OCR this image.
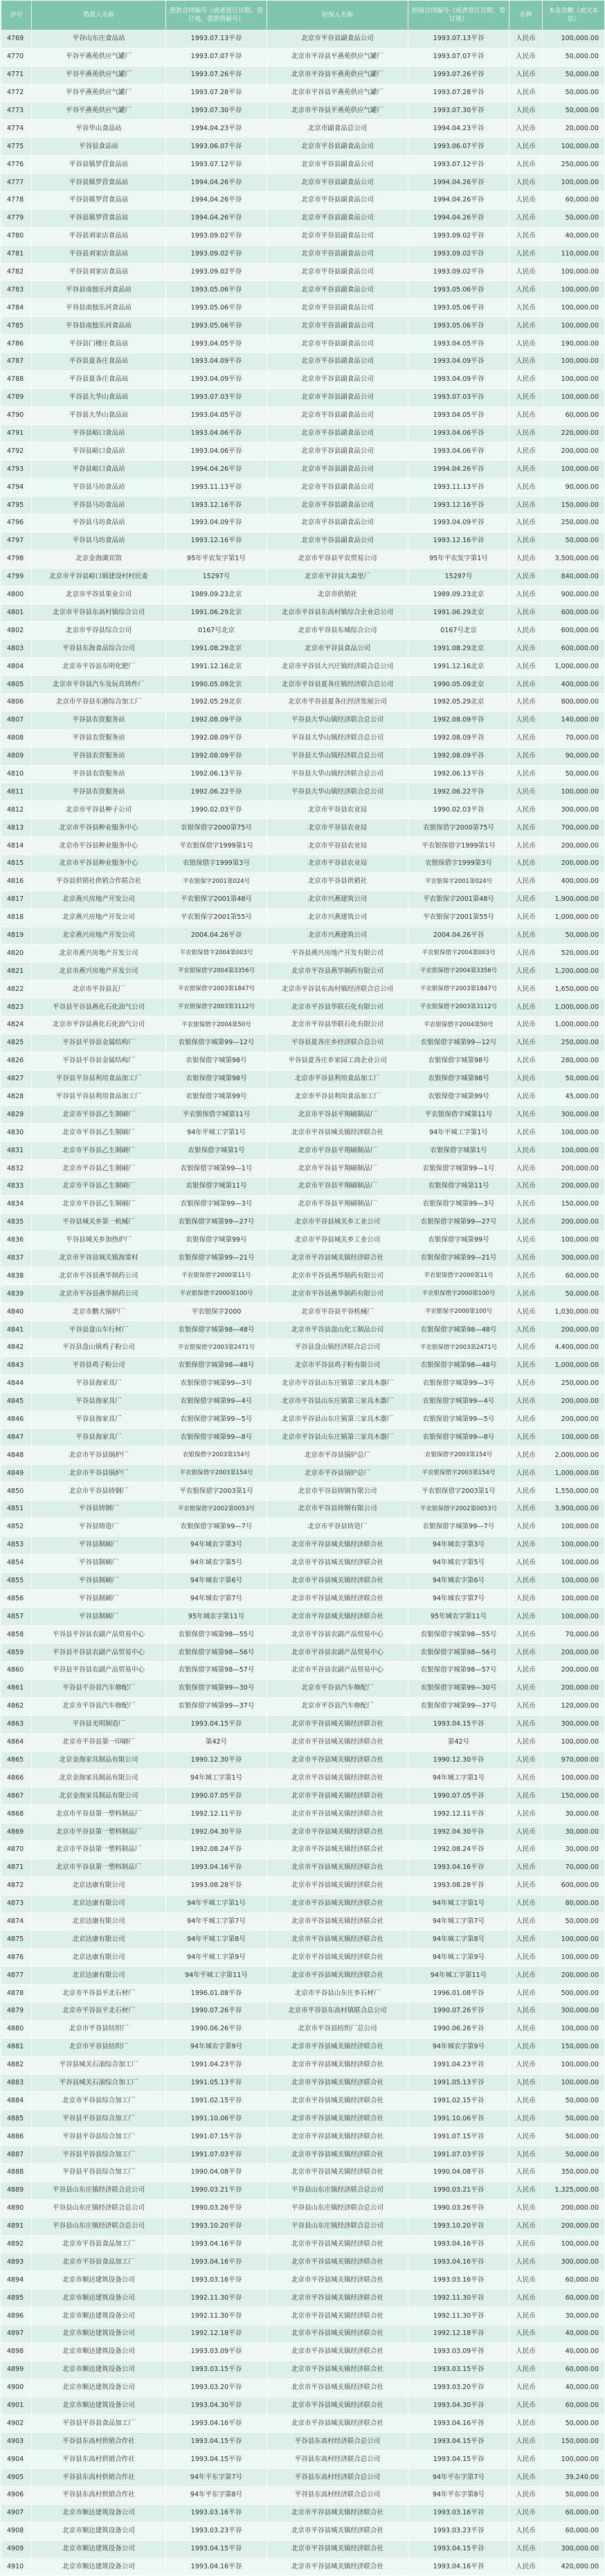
序号	借款人名称	借款合同编号（或者签订日期、签订地、借款借据号）	担保人名称	担保合同编号（或者签订日期、签订地）	币种	本金余额（或欠本息）
4769	平谷山东庄食品站	1993.07.13平谷	北京市平谷县副食品公司	1993.07.13平谷	人民币	100,000.00
4770	平谷平燕苑供应气罐厂	1993.07.07平谷	北京市平谷县平燕苑供应气罐厂	1993.07.07平谷	人民币	50,000.00
4771	平谷平燕苑供应气罐厂	1993.07.26平谷	北京市平谷县平燕苑供应气罐厂	1993.07.26平谷	人民币	50,000.00
4772	平谷平燕苑供应气罐厂	1993.07.28平谷	北京市平谷县平燕苑供应气罐厂	1993.07.28平谷	人民币	50,000.00
4773	平谷平燕苑供应气罐厂	1993.07.30平谷	北京市平谷县平燕苑供应气罐厂	1993.07.30平谷	人民币	50,000.00
4774	平谷华山食品站	1994.04.23平谷	北京市副食品总公司	1994.04.23平谷	人民币	20,000.00
4775	平谷县食品站	1993.06.07平谷	北京市平谷县副食品公司	1993.06.07平谷	人民币	100,000.00
4776	平谷县镇罗营食品站	1993.07.12平谷	北京市平谷县副食品公司	1993.07.12平谷	人民币	250,000.00
4777	平谷县镇罗营食品站	1994.04.26平谷	北京市平谷县副食品公司	1994.04.26平谷	人民币	100,000.00
4778	平谷县镇罗营食品站	1994.04.26平谷	北京市平谷县副食品公司	1994.04.26平谷	人民币	60,000.00
4779	平谷县镇罗营食品站	1994.04.26平谷	北京市平谷县副食品公司	1994.04.26平谷	人民币	50,000.00
4780	平谷县刘家店食品站	1993.09.02平谷	北京市平谷县副食品公司	1993.09.02平谷	人民币	40,000.00
4781	平谷县刘家店食品站	1993.09.02平谷	北京市平谷县副食品公司	1993.09.02平谷	人民币	110,000.00
4782	平谷县刘家店食品站	1993.09.02平谷	北京市平谷县副食品公司	1993.09.02平谷	人民币	100,000.00
4783	平谷县南独乐河食品站	1993.05.06平谷	北京市平谷县副食品公司	1993.05.06平谷	人民币	100,000.00
4784	平谷县南独乐河食品站	1993.05.06平谷	北京市平谷县副食品公司	1993.05.06平谷	人民币	100,000.00
4785	平谷县南独乐河食品站	1993.05.06平谷	北京市平谷县副食品公司	1993.05.06平谷	人民币	100,000.00
4786	平谷县门楼庄食品站	1993.04.05平谷	北京市平谷县副食品公司	1993.04.05平谷	人民币	190,000.00
4787	平谷县夏各庄食品站	1993.04.09平谷	北京市平谷县副食品公司	1993.04.09平谷	人民币	100,000.00
4788	平谷县夏各庄食品站	1993.04.09平谷	北京市平谷县副食品公司	1993.04.09平谷	人民币	100,000.00
4789	平谷县大华山食品站	1993.07.03平谷	北京市平谷县副食品公司	1993.07.03平谷	人民币	100,000.00
4790	平谷县大华山食品站	1993.04.05平谷	北京市平谷县副食品公司	1993.04.05平谷	人民币	60,000.00
4791	平谷县峪口食品站	1993.04.06平谷	北京市平谷县副食品公司	1993.04.06平谷	人民币	220,000.00
4792	平谷县峪口食品站	1993.04.06平谷	北京市平谷县副食品公司	1993.04.06平谷	人民币	200,000.00
4793	平谷县峪口食品站	1994.04.26平谷	北京市平谷县副食品公司	1994.04.26平谷	人民币	100,000.00
4794	平谷县马坊食品站	1993.11.13平谷	北京市平谷县副食品公司	1993.11.13平谷	人民币	90,000.00
4795	平谷县马坊食品站	1993.12.16平谷	北京市平谷县副食品公司	1993.12.16平谷	人民币	150,000.00
4796	平谷县马坊食品站	1993.04.09平谷	北京市平谷县副食品公司	1993.04.09平谷	人民币	250,000.00
4797	平谷县马坊食品站	1993.12.16平谷	北京市平谷县副食品公司	1993.12.16平谷	人民币	50,000.00
4798	北京金海湖宾馆	95年平农发字第1号	北京市平谷县平农贸易公司	95年平农发字第1号	人民币	3,500,000.00
4799	北京市平谷县峪口镇建设村村民委	15297号	北京市平谷县大森里厂	15297号	人民币	840,000.00
4800	北京市平谷县果业公司	1989.09.23北京	北京市供销社	1989.09.23北京	人民币	900,000.00
4801	北京市平谷县东高村镇综合公司	1991.06.29北京	北京市平谷县东高村镇综合企业总公司	1991.06.29北京	人民币	600,000.00
4802	北京市平谷县综合公司	0167号北京	北京市平谷县东城综合公司	0167号北京	人民币	600,000.00
4803	平谷县东海食品综合公司	1991.08.29北京	北京市平谷县食品公司	1991.08.29北京	人民币	600,000.00
4804	北京市平谷县东明化肥厂	1991.12.16北京	北京市平谷县大兴庄镇经济联合总公司	1991.12.16北京	人民币	1,000,000.00
4805	北京市平谷县汽车及玩具铸件厂	1990.05.09北京	北京市平谷县夏各庄镇经济联合总公司	1990.05.09北京	人民币	400,000.00
4806	北京市平谷县东港综合加工厂	1992.05.29北京	北京市平谷县夏各庄经济发展公司	1992.05.29北京	人民币	800,000.00
4807	平谷县农资服务站	1992.08.09平谷	平谷县大华山镇经济联合总公司	1992.08.09平谷	人民币	140,000.00
4808	平谷县农资服务站	1992.08.09平谷	平谷县大华山镇经济联合总公司	1992.08.09平谷	人民币	70,000.00
4809	平谷县农资服务站	1992.08.09平谷	平谷县大华山镇经济联合总公司	1992.08.09平谷	人民币	90,000.00
4810	平谷县农资服务站	1992.06.13平谷	平谷县大华山镇经济联合总公司	1992.06.13平谷	人民币	50,000.00
4811	平谷县农资服务站	1992.06.22平谷	平谷县大华山镇经济联合总公司	1992.06.22平谷	人民币	100,000.00
4812	北京市平谷县种子公司	1990.02.03平谷	北京市平谷县农业局	1990.02.03平谷	人民币	300,000.00
4813	北京市平谷县种业服务中心	农银保借字2000第75号	北京市平谷县农业局	农银保借字2000第75号	人民币	700,000.00
4814	北京市平谷县种业服务中心	平农银保借字1999第1号	北京市平谷县农业局	平农银保借字1999第1号	人民币	200,000.00
4815	北京市平谷县种业服务中心	农银保借字1999第3号	北京市平谷县农业局	农银保借字1999第3号	人民币	200,000.00
4816	平谷县供销社供销合作联合社	平农银保字2001第024号	北京市平谷县供销社	平农银保字2001第024号	人民币	400,000.00
4817	北京燕兴房地产开发公司	平农银保字2001第48号	北京市兴燕建筑公司	平农银保字2001第48号	人民币	1,900,000.00
4818	北京燕兴房地产开发公司	平农银保字2001第55号	北京市兴燕建筑公司	平农银保字2001第55号	人民币	1,000,000.00
4819	北京燕兴房地产开发公司	2004.04.26平谷	北京市兴燕建筑公司	2004.04.26平谷	人民币	50,000.00
4820	北京市燕兴房地产开发公司	平农银保借字2004第003号	平谷县燕兴房地产开发有限公司	平农银保借字2004第003号	人民币	520,000.00
4821	北京市燕兴房地产开发公司	平农银保借字2004第3356号	北京市平谷县燕华制药有限公司	平农银保借字2004第3356号	人民币	1,200,000.00
4822	北京市平谷县瓦厂	平农银保借字2003第1847号	北京市平谷县东高村镇经济联合总公司	平农银保借字2003第1847号	人民币	1,650,000.00
4823	平谷县平谷县燕化石化油气公司	平农银保借字2003第3112号	北京市平谷县华联石化有限公司	平农银保借字2003第3112号	人民币	1,000,000.00
4824	北京市平谷县燕化石化油气公司	平农银保借字2004第50号	北京市平谷县华联石化有限公司	平农银保借字2004第50号	人民币	1,000,000.00
4825	平谷县平谷县金属结构厂	农银保借字城第99—12号	平谷县夏各庄乡经济联合总公司	农银保借字城第99—12号	人民币	250,000.00
4826	平谷县平谷县金属结构厂	农银保借字城第98号	平谷县夏各庄乡家园工商企业公司	农银保借字城第98号	人民币	280,000.00
4827	平谷县平谷县利用食品加工厂	农银保借字城第98号	北京市平谷县利用食品加工厂	农银保借字城第98号	人民币	50,000.00
4828	平谷县平谷县利用食品加工厂	农银保借字城第99号	北京市平谷县利用食品加工厂	农银保借字城第99号	人民币	45,000.00
4829	北京市平谷县乙生制刷厂	平农银保借字城第11号	北京市平谷县平翔刷制品厂	平农银保借字城第11号	人民币	300,000.00
4830	北京市平谷县乙生制刷厂	94年平城工字第1号	北京市平谷县城关镇经济联合社	94年平城工字第1号	人民币	100,000.00
4831	北京市平谷县乙生制刷厂	农银保借字城第1号	北京市平谷县平翔刷制品厂	农银保借字城第1号	人民币	100,000.00
4832	北京市平谷县乙生制刷厂	农银保借字城第99—1号	北京市平谷县平翔刷制品厂	农银保借字城第99—1号	人民币	200,000.00
4833	北京市平谷县乙生制刷厂	农银保借字城第11号	北京市平谷县平翔刷制品厂	农银保借字城第11号	人民币	200,000.00
4834	北京市平谷县乙生制刷厂	农银保借字城第99—3号	北京市平谷县平翔刷制品厂	农银保借字城第99—3号	人民币	150,000.00
4835	平谷县城关乡第一机械厂	农银保借字城第99—27号	北京市平谷县城关乡工业公司	农银保借字城第99—27号	人民币	200,000.00
4836	平谷县城关乡加热炉厂	农银保借字城第99号	北京市平谷县城关乡工业公司	农银保借字城第99号	人民币	100,000.00
4837	北京市平谷县城关镇海棠村	农银保借字城第99—21号	北京市平谷县城关镇经济联合社	农银保借字城第99—21号	人民币	300,000.00
4838	北京市平谷县燕华制药公司	平农银保借字2000第11号	北京市平谷县燕华制药有限公司	平农银保借字2000第11号	人民币	60,000.00
4839	北京市平谷县燕华制药公司	平农银保借字2000第100号	北京市平谷县燕华制药有限公司	平农银保借字2000第100号	人民币	50,000.00
4840	北京市鹏大锅炉厂	平农银保字2000	北京市平谷县平谷机械厂	平农银保字2000第100号	人民币	1,030,000.00
4841	平谷县盘山车行材厂	农银保借字城第98—48号	北京市平谷县盘山化工制品公司	农银保借字城第98—48号	人民币	200,000.00
4842	平谷县盘山镇鸡子粉公司	平农银保借字2003第2471号	平谷县盘山镇经济联合总公司	平农银保借字2003第2471号	人民币	4,400,000.00
4843	平谷县鸡子粉公司	农银保借字城第98—48号	北京市平谷县鸡子粉有限公司	农银保借字城第98—48号	人民币	1,000,000.00
4844	平谷县海家具厂	农银保借字城第99—3号	北京市平谷县山东庄镇第三家具木器厂	农银保借字城第99—3号	人民币	250,000.00
4845	平谷县海家具厂	农银保借字城第99—4号	北京市平谷县山东庄镇第三家具木器厂	农银保借字城第99—4号	人民币	200,000.00
4846	平谷县海家具厂	农银保借字城第99—5号	北京市平谷县山东庄镇第三家具木器厂	农银保借字城第99—5号	人民币	200,000.00
4847	平谷县海家具厂	农银保借字城第99—8号	北京市平谷县山东庄镇第三家具木器厂	农银保借字城第99—8号	人民币	100,000.00
4848	北京市平谷县锅炉厂	农银保借字2003第154号	北京市平谷县锅炉总厂	农银保借字2003第154号	人民币	2,000,000.00
4849	北京市平谷县锅炉厂	平农银保借字2003第154号	北京市平谷县锅炉总厂	平农银保借字2003第154号	人民币	1,000,000.00
4850	北京市平谷县铸钢厂	平农银保借字2003第1号	北京市平谷县铸钢有限公司	平农银保借字2003第1号	人民币	1,550,000.00
4851	平谷县铸钢厂	平农银保借字2002第0053号	北京市平谷县铸钢有限公司	平农银保借字2002第0053号	人民币	3,900,000.00
4852	平谷县铸造厂	农银保借字城第99—7号	北京市平谷县铸造厂	农银保借字城第99—7号	人民币	100,000.00
4853	平谷县制刷厂	94年城农字第3号	北京市平谷县城关镇经济联合社	94年城农字第3号	人民币	100,000.00
4854	平谷县制刷厂	94年城农字第5号	北京市平谷县城关镇经济联合社	94年城农字第5号	人民币	100,000.00
4855	平谷县制刷厂	94年城农字第6号	北京市平谷县城关镇经济联合社	94年城农字第6号	人民币	100,000.00
4856	平谷县制刷厂	94年城农字第7号	北京市平谷县城关镇经济联合社	94年城农字第7号	人民币	100,000.00
4857	平谷县制刷厂	95年城农字第11号	北京市平谷县城关镇经济联合社	95年城农字第11号	人民币	100,000.00
4858	平谷县平谷县农副产品贸易中心	农银保借字城第98—55号	北京市平谷县农副产品贸易中心	农银保借字城第98—55号	人民币	70,000.00
4859	平谷县平谷县农副产品贸易中心	农银保借字城第98—56号	北京市平谷县农副产品贸易中心	农银保借字城第98—56号	人民币	200,000.00
4860	平谷县平谷县农副产品贸易中心	农银保借字城第98—57号	北京市平谷县农副产品贸易中心	农银保借字城第98—57号	人民币	200,000.00
4861	平谷县平谷县汽车修配厂	农银保借字城第99—30号	北京市平谷县汽车修配厂	农银保借字城第99—30号	人民币	200,000.00
4862	北京市平谷县汽车修配厂	农银保借字城第99—37号	北京市平谷县汽车修配厂	农银保借字城第99—37号	人民币	120,000.00
4863	平谷县光明制造厂	1993.04.15平谷	北京市平谷县城关镇经济联合社	1993.04.15平谷	人民币	300,000.00
4864	北京市平谷县第一印刷厂	第42号	北京市平谷县城关镇经济联合社	第42号	人民币	100,000.00
4865	北京金海家具制品有限公司	1990.12.30平谷	北京市平谷县城关镇经济联合社	1990.12.30平谷	人民币	970,000.00
4866	北京金海家具制品有限公司	94年城工字第1号	北京市平谷县城关镇经济联合社	94年城工字第1号	人民币	100,000.00
4867	北京金海家具制品有限公司	1990.07.05平谷	北京市平谷县城关镇经济联合社	1990.07.05平谷	人民币	150,000.00
4868	北京市平谷县第一塑料制品厂	1992.12.11平谷	北京市平谷县城关镇经济联合社	1992.12.11平谷	人民币	30,000.00
4869	北京市平谷县第一塑料制品厂	1992.04.30平谷	北京市平谷县城关镇经济联合社	1992.04.30平谷	人民币	30,000.00
4870	北京市平谷县第一塑料制品厂	1992.08.24平谷	北京市平谷县城关镇经济联合社	1992.08.24平谷	人民币	30,000.00
4871	北京市平谷县第一塑料制品厂	1993.04.16平谷	北京市平谷县城关镇经济联合社	1993.04.16平谷	人民币	70,000.00
4872	北京达康有限公司	1993.08.28平谷	北京市平谷县城关镇经济联合社	1993.08.28平谷	人民币	600,000.00
4873	北京达康有限公司	94年平城工字第1号	北京市平谷县城关镇经济联合社	94年城工字第1号	人民币	80,000.00
4874	北京达康有限公司	94年平城工字第7号	北京市平谷县城关镇经济联合社	94年城工字第7号	人民币	50,000.00
4875	北京达康有限公司	94年平城工字第8号	北京市平谷县城关镇经济联合社	94年城工字第8号	人民币	100,000.00
4876	北京达康有限公司	94年平城工字第9号	北京市平谷县城关镇经济联合社	94年城工字第9号	人民币	100,000.00
4877	北京达康有限公司	94年平城工字第11号	北京市平谷县城关镇经济联合社	94年城工字第11号	人民币	200,000.00
4878	北京市平谷县平北石材厂	1996.01.08平谷	北京市平谷县山东庄乡石材厂	1996.01.08平谷	人民币	500,000.00
4879	北京市平谷县平北石材厂	1990.07.26平谷	北京市平谷县东高村镇联合总公司	1990.07.26平谷	人民币	300,000.00
4880	北京市平谷县纺织厂	1990.06.26平谷	北京市平谷县纺织厂总公司	1990.06.26平谷	人民币	100,000.00
4881	北京市平谷县纺织厂	94年城农字第9号	北京市平谷县城关镇经济联合社	94年城农字第9号	人民币	150,000.00
4882	平谷县城关石油综合加工厂	1991.04.23平谷	北京市平谷县城关镇经济联合社	1991.04.23平谷	人民币	100,000.00
4883	平谷县城关石油综合加工厂	1991.05.13平谷	北京市平谷县城关镇经济联合社	1991.05.13平谷	人民币	100,000.00
4884	北京市平谷县综合加工厂	1991.02.15平谷	北京市平谷县城关镇经济联合社	1991.02.15平谷	人民币	50,000.00
4885	平谷县平谷县综合加工厂	1991.10.06平谷	北京市平谷县城关镇经济联合社	1991.10.06平谷	人民币	50,000.00
4886	平谷县平谷县综合加工厂	1991.07.15平谷	北京市平谷县城关镇经济联合社	1991.07.15平谷	人民币	50,000.00
4887	平谷县平谷县综合加工厂	1991.07.03平谷	北京市平谷县城关镇经济联合社	1991.07.03平谷	人民币	50,000.00
4888	平谷县平谷县综合加工厂	1990.04.08平谷	北京市平谷县城关镇经济联合社	1990.04.08平谷	人民币	350,000.00
4889	平谷县山东庄镇经济联合总公司	1990.03.21平谷	平谷县山东庄镇经济联合总公司	1990.03.21平谷	人民币	1,325,000.00
4890	平谷县山东庄镇经济联合总公司	1990.03.26平谷	平谷县山东庄镇经济联合总公司	1990.03.26平谷	人民币	200,000.00
4891	平谷县山东庄镇经济联合总公司	1993.10.20平谷	平谷县山东庄镇经济联合总公司	1993.10.20平谷	人民币	200,000.00
4892	北京市平谷县食品加工厂	1993.04.16平谷	北京市平谷县城关镇经济联合社	1993.04.16平谷	人民币	100,000.00
4893	北京市平谷县食品加工厂	1993.04.16平谷	北京市平谷县城关镇经济联合社	1993.04.16平谷	人民币	300,000.00
4894	北京市顺达建筑设备公司	1993.03.16平谷	北京市平谷县城关镇经济联合社	1993.03.16平谷	人民币	60,000.00
4895	北京市顺达建筑设备公司	1992.11.30平谷	北京市平谷县城关镇经济联合社	1992.11.30平谷	人民币	60,000.00
4896	北京市顺达建筑设备公司	1992.11.30平谷	北京市平谷县城关镇经济联合社	1992.11.30平谷	人民币	30,000.00
4897	北京市顺达建筑设备公司	1992.12.18平谷	北京市平谷县城关镇经济联合社	1992.12.18平谷	人民币	40,000.00
4898	北京市顺达建筑设备公司	1993.03.09平谷	北京市平谷县城关镇经济联合社	1993.03.09平谷	人民币	40,000.00
4899	北京市顺达建筑设备公司	1993.03.15平谷	北京市平谷县城关镇经济联合社	1993.03.15平谷	人民币	60,000.00
4900	北京市顺达建筑设备公司	1993.03.20平谷	北京市平谷县城关镇经济联合社	1993.03.20平谷	人民币	40,000.00
4901	北京市顺达建筑设备公司	1993.04.30平谷	北京市平谷县城关镇经济联合社	1993.04.30平谷	人民币	60,000.00
4902	平谷县平谷县食品加工厂	1993.04.16平谷	北京市平谷县城关镇经济联合社	1993.04.16平谷	人民币	50,000.00
4903	平谷县东高村供销合作社	1993.04.15平谷	平谷县东高村经济联合总公司	1993.04.15平谷	人民币	150,000.00
4904	平谷县东高村供销合作社	1993.04.15平谷	平谷县东高村经济联合总公司	1993.04.15平谷	人民币	100,000.00
4905	平谷县东高村供销合作社	94年平东字第7号	平谷县东高村经济联合总公司	94年平东字第7号	人民币	39,240.00
4906	平谷县东高村供销合作社	94年平东字第8号	平谷县东高村经济联合总公司	94年平东字第8号	人民币	50,000.00
4907	北京市顺达建筑设备公司	1993.03.16平谷	北京市平谷县城关镇经济联合社	1993.03.16平谷	人民币	60,000.00
4908	北京市顺达建筑设备公司	1993.03.23平谷	北京市平谷县城关镇经济联合社	1993.03.23平谷	人民币	60,000.00
4909	北京市顺达建筑设备公司	1993.04.15平谷	北京市平谷县城关镇经济联合社	1993.04.15平谷	人民币	300,000.00
4910	北京市顺达建筑设备公司	1993.04.16平谷	北京市平谷县城关镇经济联合社	1993.04.16平谷	人民币	420,000.00
